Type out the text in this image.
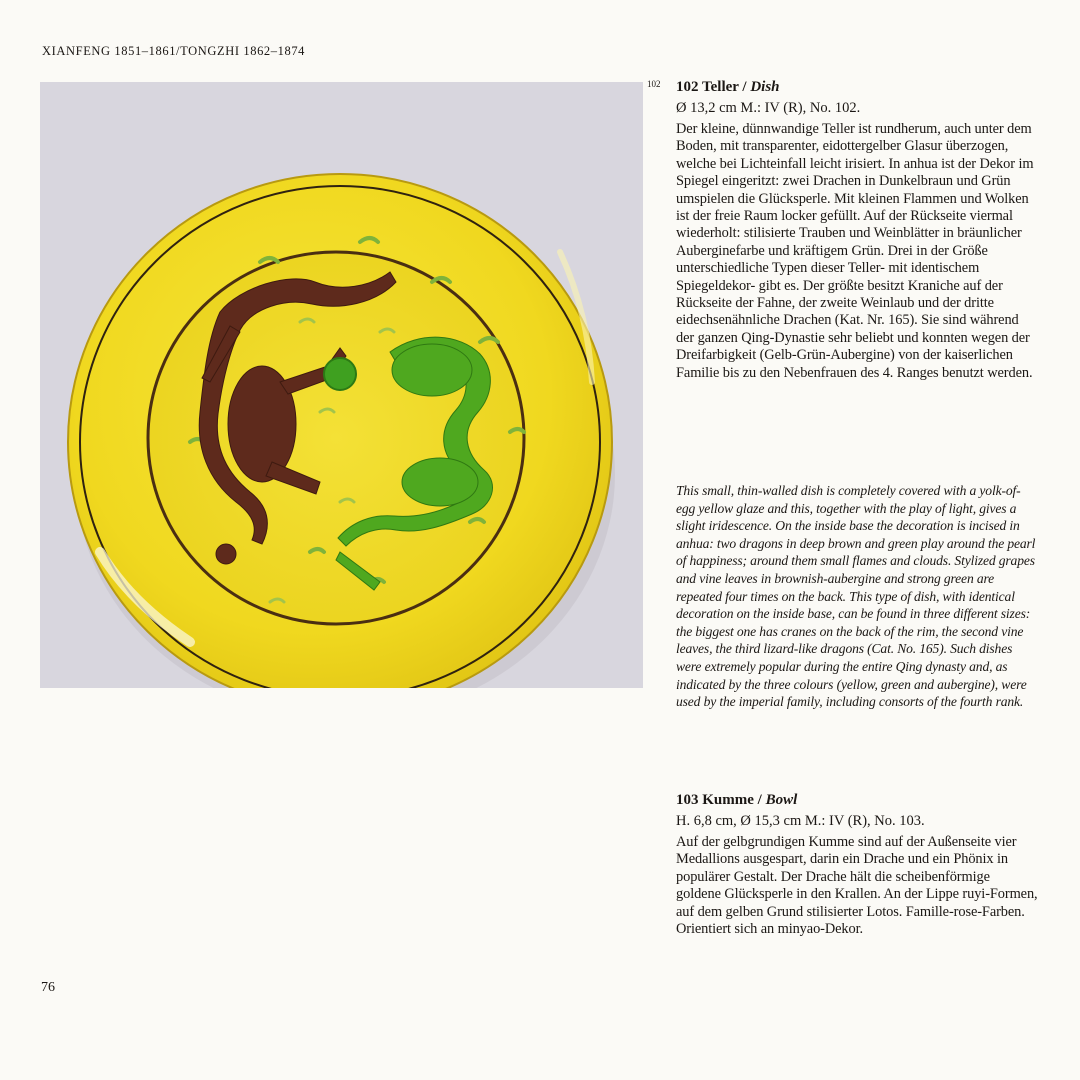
XIANFENG 1851–1861/TONGZHI 1862–1874
102 102 Teller / Dish

Ø 13,2 cm M.: IV (R), No. 102.

Der kleine, dünnwandige Teller ist rundherum, auch unter dem Boden, mit transparenter, eidottergelber Glasur überzogen, welche bei Lichteinfall leicht irisiert. In anhua ist der Dekor im Spiegel eingeritzt: zwei Drachen in Dunkelbraun und Grün umspielen die Glücksperle. Mit kleinen Flammen und Wolken ist der freie Raum locker gefüllt. Auf der Rückseite viermal wiederholt: stilisierte Trauben und Weinblätter in bräunlicher Auberginefarbe und kräftigem Grün. Drei in der Größe unterschiedliche Typen dieser Teller- mit identischem Spiegeldekor- gibt es. Der größte besitzt Kraniche auf der Rückseite der Fahne, der zweite Weinlaub und der dritte eidechsenähnliche Drachen (Kat. Nr. 165). Sie sind während der ganzen Qing-Dynastie sehr beliebt und konnten wegen der Dreifarbigkeit (Gelb-Grün-Aubergine) von der kaiserlichen Familie bis zu den Nebenfrauen des 4. Ranges benutzt werden.

This small, thin-walled dish is completely covered with a yolk-of-egg yellow glaze and this, together with the play of light, gives a slight iridescence. On the inside base the decoration is incised in anhua: two dragons in deep brown and green play around the pearl of happiness; around them small flames and clouds. Stylized grapes and vine leaves in brownish-aubergine and strong green are repeated four times on the back. This type of dish, with identical decoration on the inside base, can be found in three different sizes: the biggest one has cranes on the back of the rim, the second vine leaves, the third lizard-like dragons (Cat. No. 165). Such dishes were extremely popular during the entire Qing dynasty and, as indicated by the three colours (yellow, green and aubergine), were used by the imperial family, including consorts of the fourth rank.

103 Kumme / Bowl

H. 6,8 cm, Ø 15,3 cm M.: IV (R), No. 103.

Auf der gelbgrundigen Kumme sind auf der Außenseite vier Medallions ausgespart, darin ein Drache und ein Phönix in populärer Gestalt. Der Drache hält die scheibenförmige goldene Glücksperle in den Krallen. An der Lippe ruyi-Formen, auf dem gelben Grund stilisierter Lotos. Famille-rose-Farben. Orientiert sich an minyao-Dekor.

76
